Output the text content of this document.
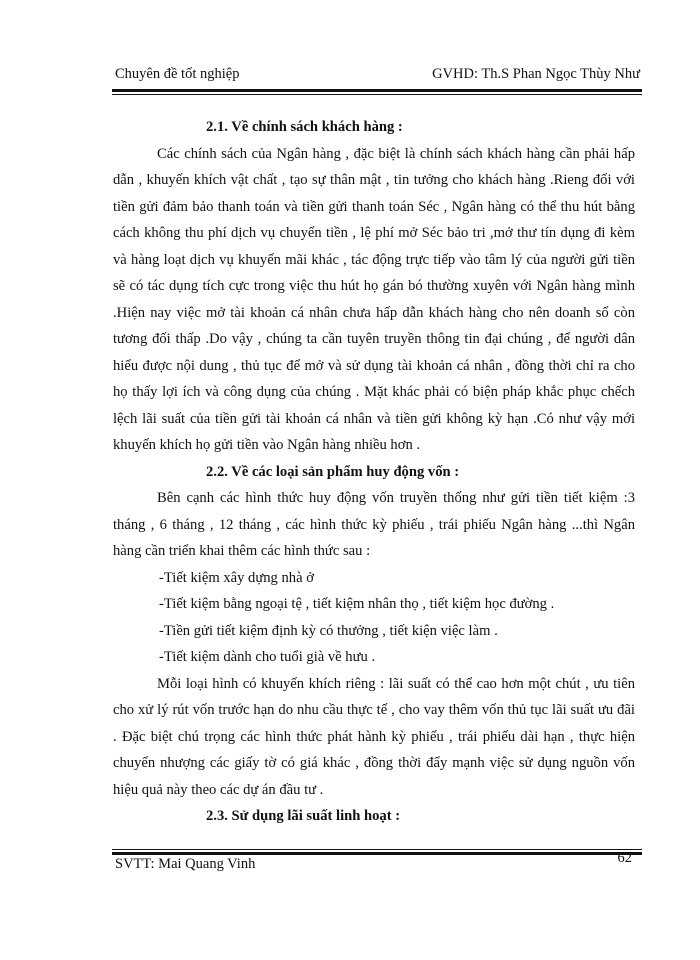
Chuyên đề tốt nghiệp	GVHD: Th.S Phan Ngọc Thùy Như

2.1. Về chính sách khách hàng :

Các chính sách của Ngân hàng , đặc biệt là chính sách khách hàng cần phải hấp dẫn , khuyến khích vật chất , tạo sự thân mật , tin tưởng cho khách hàng .Rieng đối với tiền gửi đảm bảo thanh toán và tiền gửi thanh toán Séc , Ngân hàng có thể thu hút bằng cách không thu phí dịch vụ chuyển tiền , lệ phí mở Séc bảo tri ,mở thư tín dụng đi kèm và hàng loạt dịch vụ khuyến mãi khác , tác động trực tiếp vào tâm lý của người gửi tiền sẽ có tác dụng tích cực trong việc thu hút họ gán bó thường xuyên với Ngân hàng mình .Hiện nay việc mở tài khoản cá nhân chưa hấp dẫn khách hàng cho nên doanh số còn tương đối thấp .Do vậy , chúng ta cần tuyên truyền thông tin đại chúng , để người dân hiểu được nội dung , thủ tục để mở và sử dụng tài khoản cá nhân , đồng thời chỉ ra cho họ thấy lợi ích và công dụng của chúng . Mặt khác phải có biện pháp khắc phục chếch lệch lãi suất của tiền gửi tài khoản cá nhân và tiền gửi không kỳ hạn .Có như vậy mới khuyến khích họ gửi tiền vào Ngân hàng nhiều hơn .

2.2. Về các loại sản phẩm huy động vốn :

Bên cạnh các hình thức huy động vốn truyền thống như gửi tiền tiết kiệm :3 tháng , 6 tháng , 12 tháng , các hình thức kỳ phiếu , trái phiếu Ngân hàng ...thì Ngân hàng cần triển khai thêm các hình thức sau :

-Tiết kiệm xây dựng nhà ở

-Tiết kiệm bằng ngoại tệ , tiết kiệm nhân thọ , tiết kiệm học đường .

-Tiền gửi tiết kiệm định kỳ có thưởng , tiết kiện việc làm .

-Tiết kiệm dành cho tuổi già về hưu .

Mỗi loại hình có khuyến khích riêng : lãi suất có thể cao hơn một chút , ưu tiên cho xử lý rút vốn trước hạn do nhu cầu thực tế , cho vay thêm vốn thủ tục lãi suất ưu đãi . Đặc biệt chú trọng các hình thức phát hành kỳ phiếu , trái phiếu dài hạn , thực hiện chuyển nhượng các giấy tờ có giá khác , đồng thời đẩy mạnh việc sử dụng nguồn vốn hiệu quả này theo các dự án đầu tư .

2.3. Sử dụng lãi suất linh hoạt :

SVTT: Mai Quang Vinh	62
